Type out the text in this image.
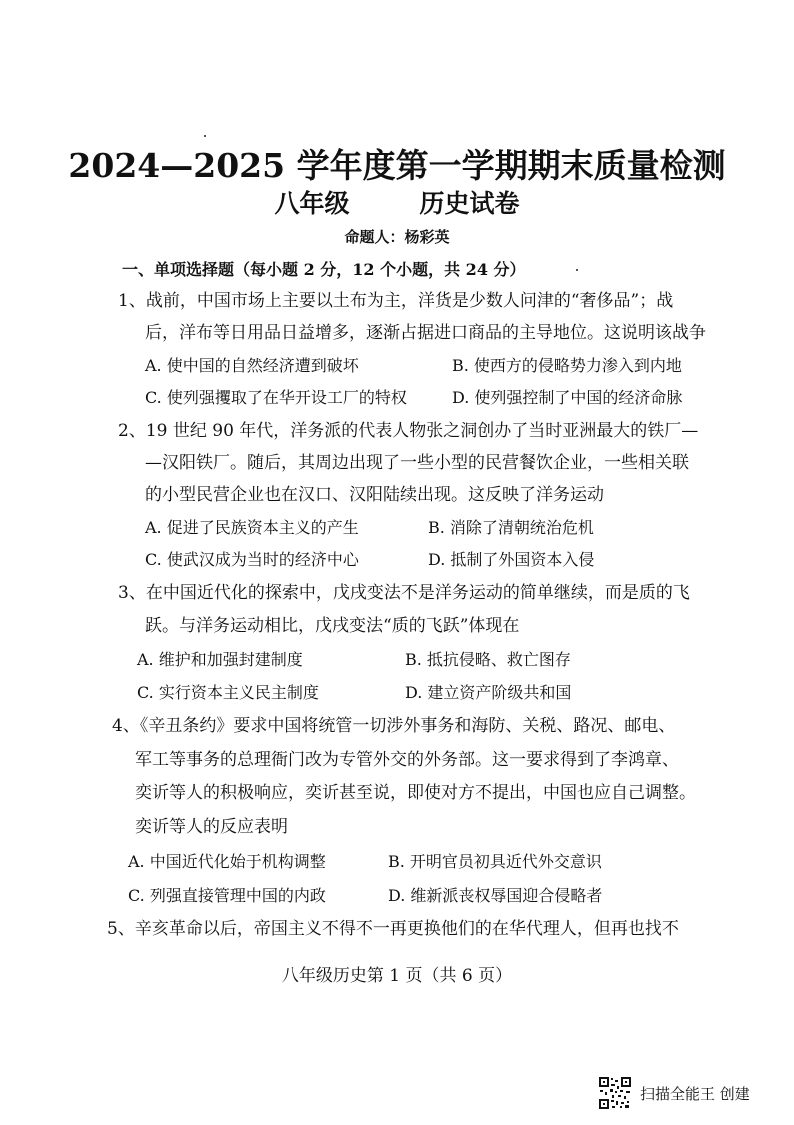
2024—2025 学年度第一学期期末质量检测
八年级	历史试卷
命题人：杨彩英
一、单项选择题（每小题 2 分，12 个小题，共 24 分）
1、战前，中国市场上主要以土布为主，洋货是少数人问津的“奢侈品”；战
后，洋布等日用品日益增多，逐渐占据进口商品的主导地位。这说明该战争
A. 使中国的自然经济遭到破坏	B. 使西方的侵略势力渗入到内地
C. 使列强攫取了在华开设工厂的特权	D. 使列强控制了中国的经济命脉
2、19 世纪 90 年代，洋务派的代表人物张之洞创办了当时亚洲最大的铁厂—
—汉阳铁厂。随后，其周边出现了一些小型的民营餐饮企业，一些相关联
的小型民营企业也在汉口、汉阳陆续出现。这反映了洋务运动
A. 促进了民族资本主义的产生	B. 消除了清朝统治危机
C. 使武汉成为当时的经济中心	D. 抵制了外国资本入侵
3、在中国近代化的探索中，戊戌变法不是洋务运动的简单继续，而是质的飞
跃。与洋务运动相比，戊戌变法“质的飞跃”体现在
A. 维护和加强封建制度	B. 抵抗侵略、救亡图存
C. 实行资本主义民主制度	D. 建立资产阶级共和国
4、《辛丑条约》要求中国将统管一切涉外事务和海防、关税、路况、邮电、
军工等事务的总理衙门改为专管外交的外务部。这一要求得到了李鸿章、
奕䜣等人的积极响应，奕䜣甚至说，即使对方不提出，中国也应自己调整。
奕䜣等人的反应表明
A. 中国近代化始于机构调整	B. 开明官员初具近代外交意识
C. 列强直接管理中国的内政	D. 维新派丧权辱国迎合侵略者
5、辛亥革命以后，帝国主义不得不一再更换他们的在华代理人，但再也找不
八年级历史第 1 页（共 6 页）
扫描全能王 创建
